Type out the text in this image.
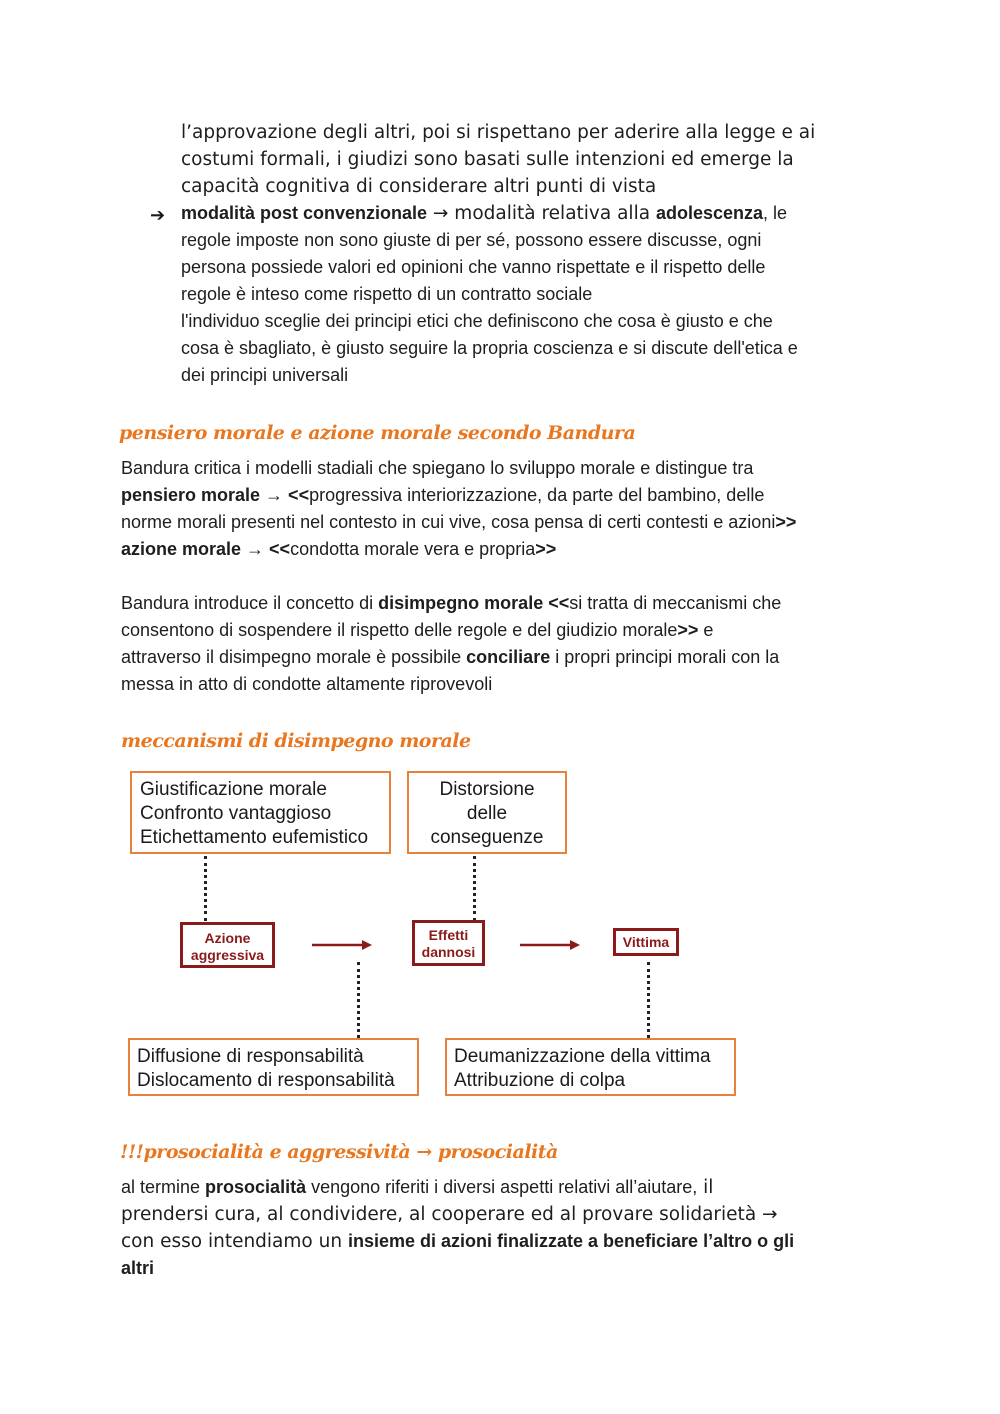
l’approvazione degli altri, poi si rispettano per aderire alla legge e ai
costumi formali, i giudizi sono basati sulle intenzioni ed emerge la
capacità cognitiva di considerare altri punti di vista
➔ modalità post convenzionale → modalità relativa alla adolescenza, le
regole imposte non sono giuste di per sé, possono essere discusse, ogni
persona possiede valori ed opinioni che vanno rispettate e il rispetto delle
regole è inteso come rispetto di un contratto sociale
l'individuo sceglie dei principi etici che definiscono che cosa è giusto e che
cosa è sbagliato, è giusto seguire la propria coscienza e si discute dell'etica e
dei principi universali
pensiero morale e azione morale secondo Bandura
Bandura critica i modelli stadiali che spiegano lo sviluppo morale e distingue tra
pensiero morale → <<progressiva interiorizzazione, da parte del bambino, delle
norme morali presenti nel contesto in cui vive, cosa pensa di certi contesti e azioni>>
azione morale → <<condotta morale vera e propria>>
Bandura introduce il concetto di disimpegno morale <<si tratta di meccanismi che
consentono di sospendere il rispetto delle regole e del giudizio morale>> e
attraverso il disimpegno morale è possibile conciliare i propri principi morali con la
messa in atto di condotte altamente riprovevoli
meccanismi di disimpegno morale
Giustificazione morale
Confronto vantaggioso
Etichettamento eufemistico
Distorsione
delle
conseguenze
Azione
aggressiva
Effetti
dannosi
Vittima
Diffusione di responsabilità
Dislocamento di responsabilità
Deumanizzazione della vittima
Attribuzione di colpa
!!!prosocialità e aggressività → prosocialità
al termine prosocialità vengono riferiti i diversi aspetti relativi all’aiutare, il
prendersi cura, al condividere, al cooperare ed al provare solidarietà →
con esso intendiamo un insieme di azioni finalizzate a beneficiare l’altro o gli
altri
